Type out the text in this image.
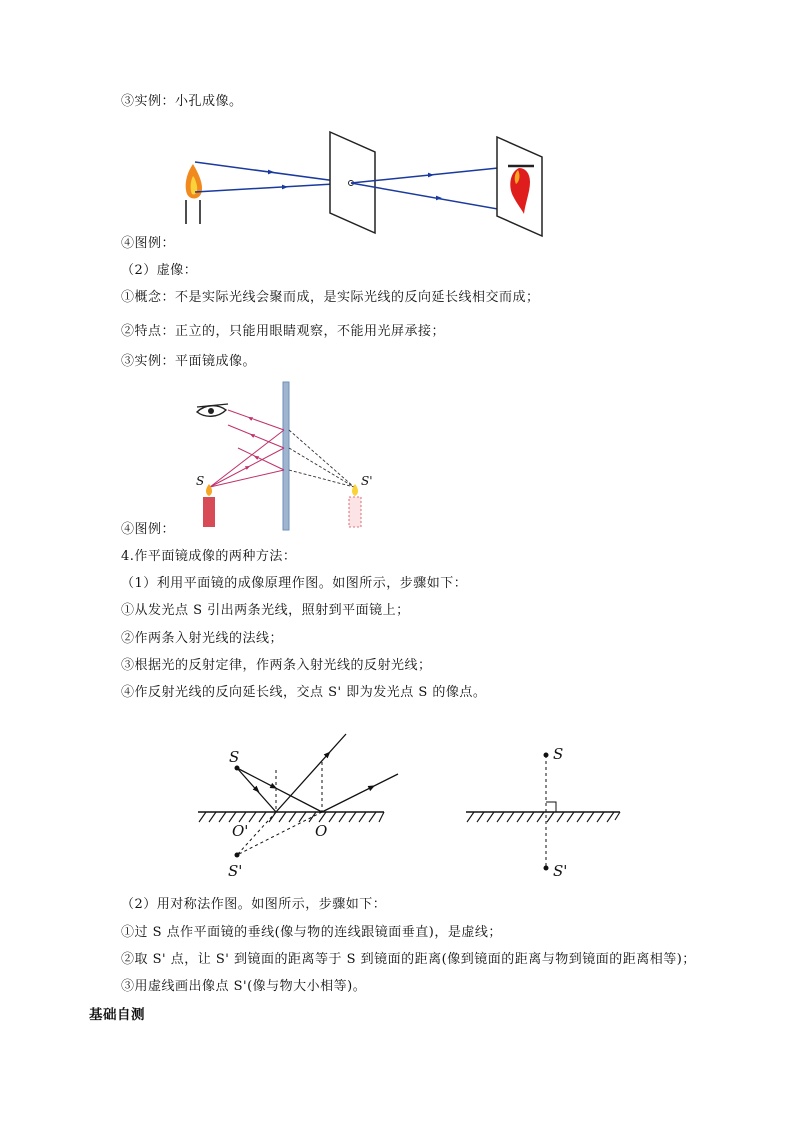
③实例：小孔成像。
④图例：
（2）虚像：
①概念：不是实际光线会聚而成，是实际光线的反向延长线相交而成；
②特点：正立的，只能用眼睛观察，不能用光屏承接；
③实例：平面镜成像。
S	S'
④图例：
4.作平面镜成像的两种方法：
（1）利用平面镜的成像原理作图。如图所示，步骤如下：
①从发光点 S 引出两条光线，照射到平面镜上；
②作两条入射光线的法线；
③根据光的反射定律，作两条入射光线的反射光线；
④作反射光线的反向延长线，交点 S' 即为发光点 S 的像点。
S
O'	O
S'
S
S'
（2）用对称法作图。如图所示，步骤如下：
①过 S 点作平面镜的垂线(像与物的连线跟镜面垂直)，是虚线；
②取 S' 点，让 S' 到镜面的距离等于 S 到镜面的距离(像到镜面的距离与物到镜面的距离相等)；
③用虚线画出像点 S'(像与物大小相等)。
基础自测
